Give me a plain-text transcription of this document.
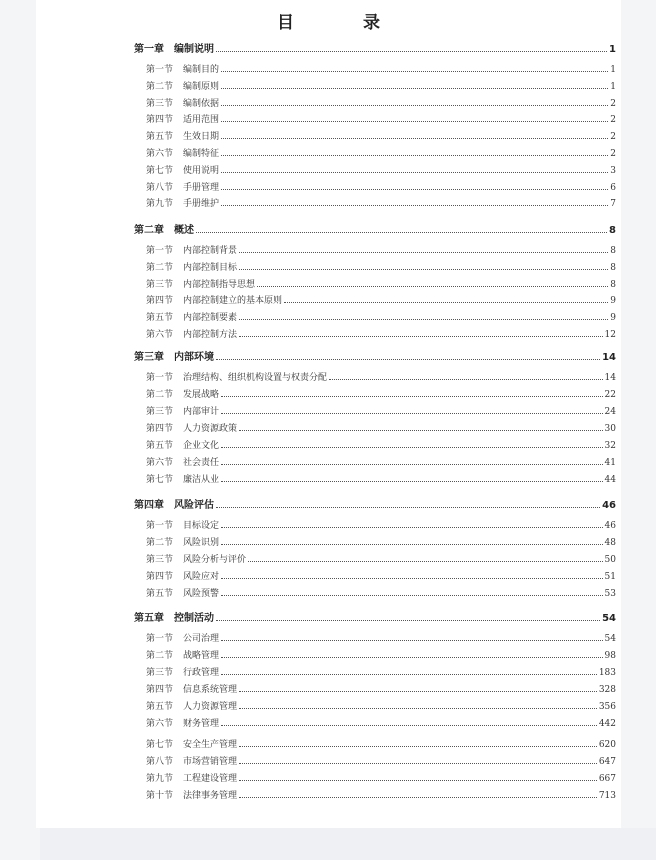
目　录
第一章 编制说明	1
第一节 编制目的	1
第二节 编制原则	1
第三节 编制依据	2
第四节 适用范围	2
第五节 生效日期	2
第六节 编制特征	2
第七节 使用说明	3
第八节 手册管理	6
第九节 手册维护	7
第二章 概述	8
第一节 内部控制背景	8
第二节 内部控制目标	8
第三节 内部控制指导思想	8
第四节 内部控制建立的基本原则	9
第五节 内部控制要素	9
第六节 内部控制方法	12
第三章 内部环境	14
第一节 治理结构、组织机构设置与权责分配	14
第二节 发展战略	22
第三节 内部审计	24
第四节 人力资源政策	30
第五节 企业文化	32
第六节 社会责任	41
第七节 廉洁从业	44
第四章 风险评估	46
第一节 目标设定	46
第二节 风险识别	48
第三节 风险分析与评价	50
第四节 风险应对	51
第五节 风险预警	53
第五章 控制活动	54
第一节 公司治理	54
第二节 战略管理	98
第三节 行政管理	183
第四节 信息系统管理	328
第五节 人力资源管理	356
第六节 财务管理	442
第七节 安全生产管理	620
第八节 市场营销管理	647
第九节 工程建设管理	667
第十节 法律事务管理	713
